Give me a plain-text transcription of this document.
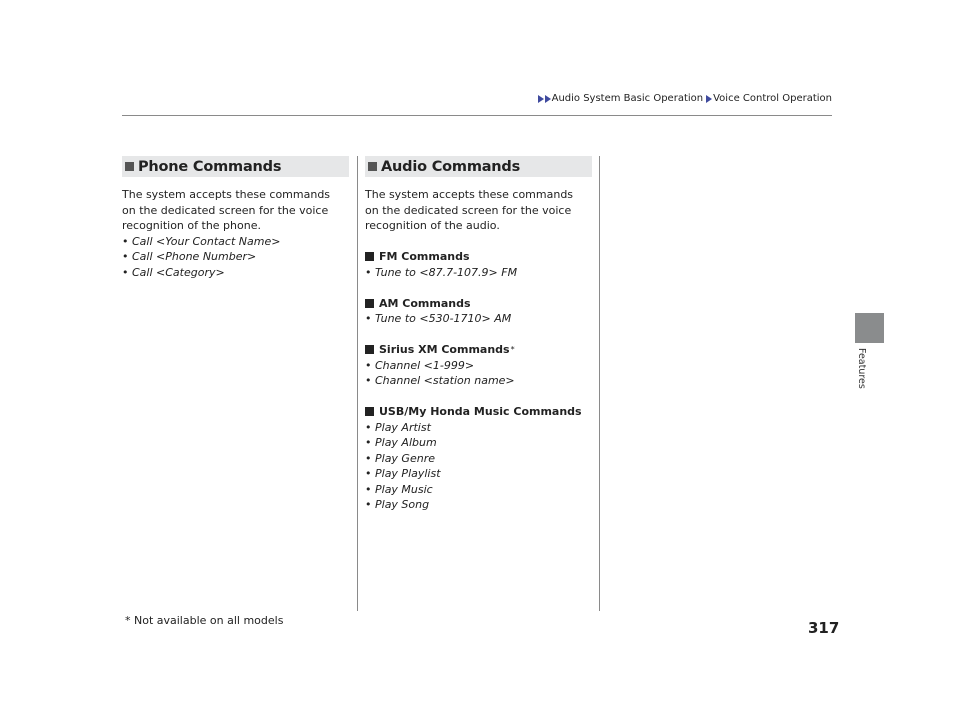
Audio System Basic Operation Voice Control Operation
Features
Phone Commands

The system accepts these commands on the dedicated screen for the voice recognition of the phone.

• Call <Your Contact Name>
• Call <Phone Number>
• Call <Category>
Audio Commands

The system accepts these commands on the dedicated screen for the voice recognition of the audio.

FM Commands
• Tune to <87.7-107.9> FM
AM Commands
• Tune to <530-1710> AM
Sirius XM Commands *
• Channel <1-999>
• Channel <station name>
USB/My Honda Music Commands
• Play Artist
• Play Album
• Play Genre
• Play Playlist
• Play Music
• Play Song
* Not available on all models	317
